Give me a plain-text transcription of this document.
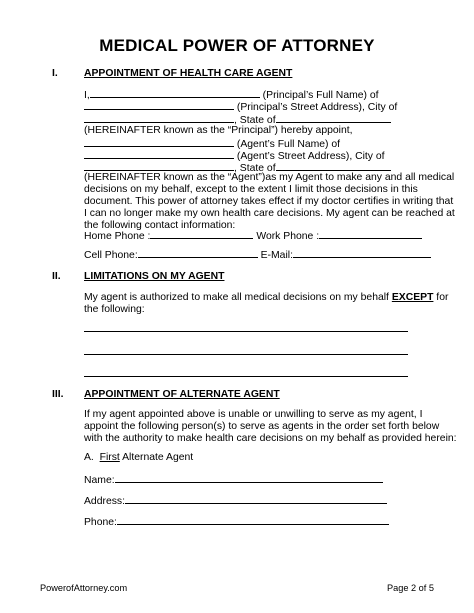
MEDICAL POWER OF ATTORNEY
I.	APPOINTMENT OF HEALTH CARE AGENT
I,	(Principal’s Full Name) of
(Principal’s Street Address), City of
, State of
(HEREINAFTER known as the “Principal”) hereby appoint,
(Agent’s Full Name) of
(Agent’s Street Address), City of
, State of
(HEREINAFTER known as the “Agent”)as my Agent to make any and all medical
decisions on my behalf, except to the extent I limit those decisions in this
document. This power of attorney takes effect if my doctor certifies in writing that
I can no longer make my own health care decisions. My agent can be reached at
the following contact information:
Home Phone :	Work Phone :
Cell Phone:	E-Mail:
II. LIMITATIONS ON MY AGENT
My agent is authorized to make all medical decisions on my behalf EXCEPT for
the following:
III. APPOINTMENT OF ALTERNATE AGENT
If my agent appointed above is unable or unwilling to serve as my agent, I
appoint the following person(s) to serve as agents in the order set forth below
with the authority to make health care decisions on my behalf as provided herein:
A. First Alternate Agent
Name:
Address:
Phone:
PowerofAttorney.com	Page 2 of 5
